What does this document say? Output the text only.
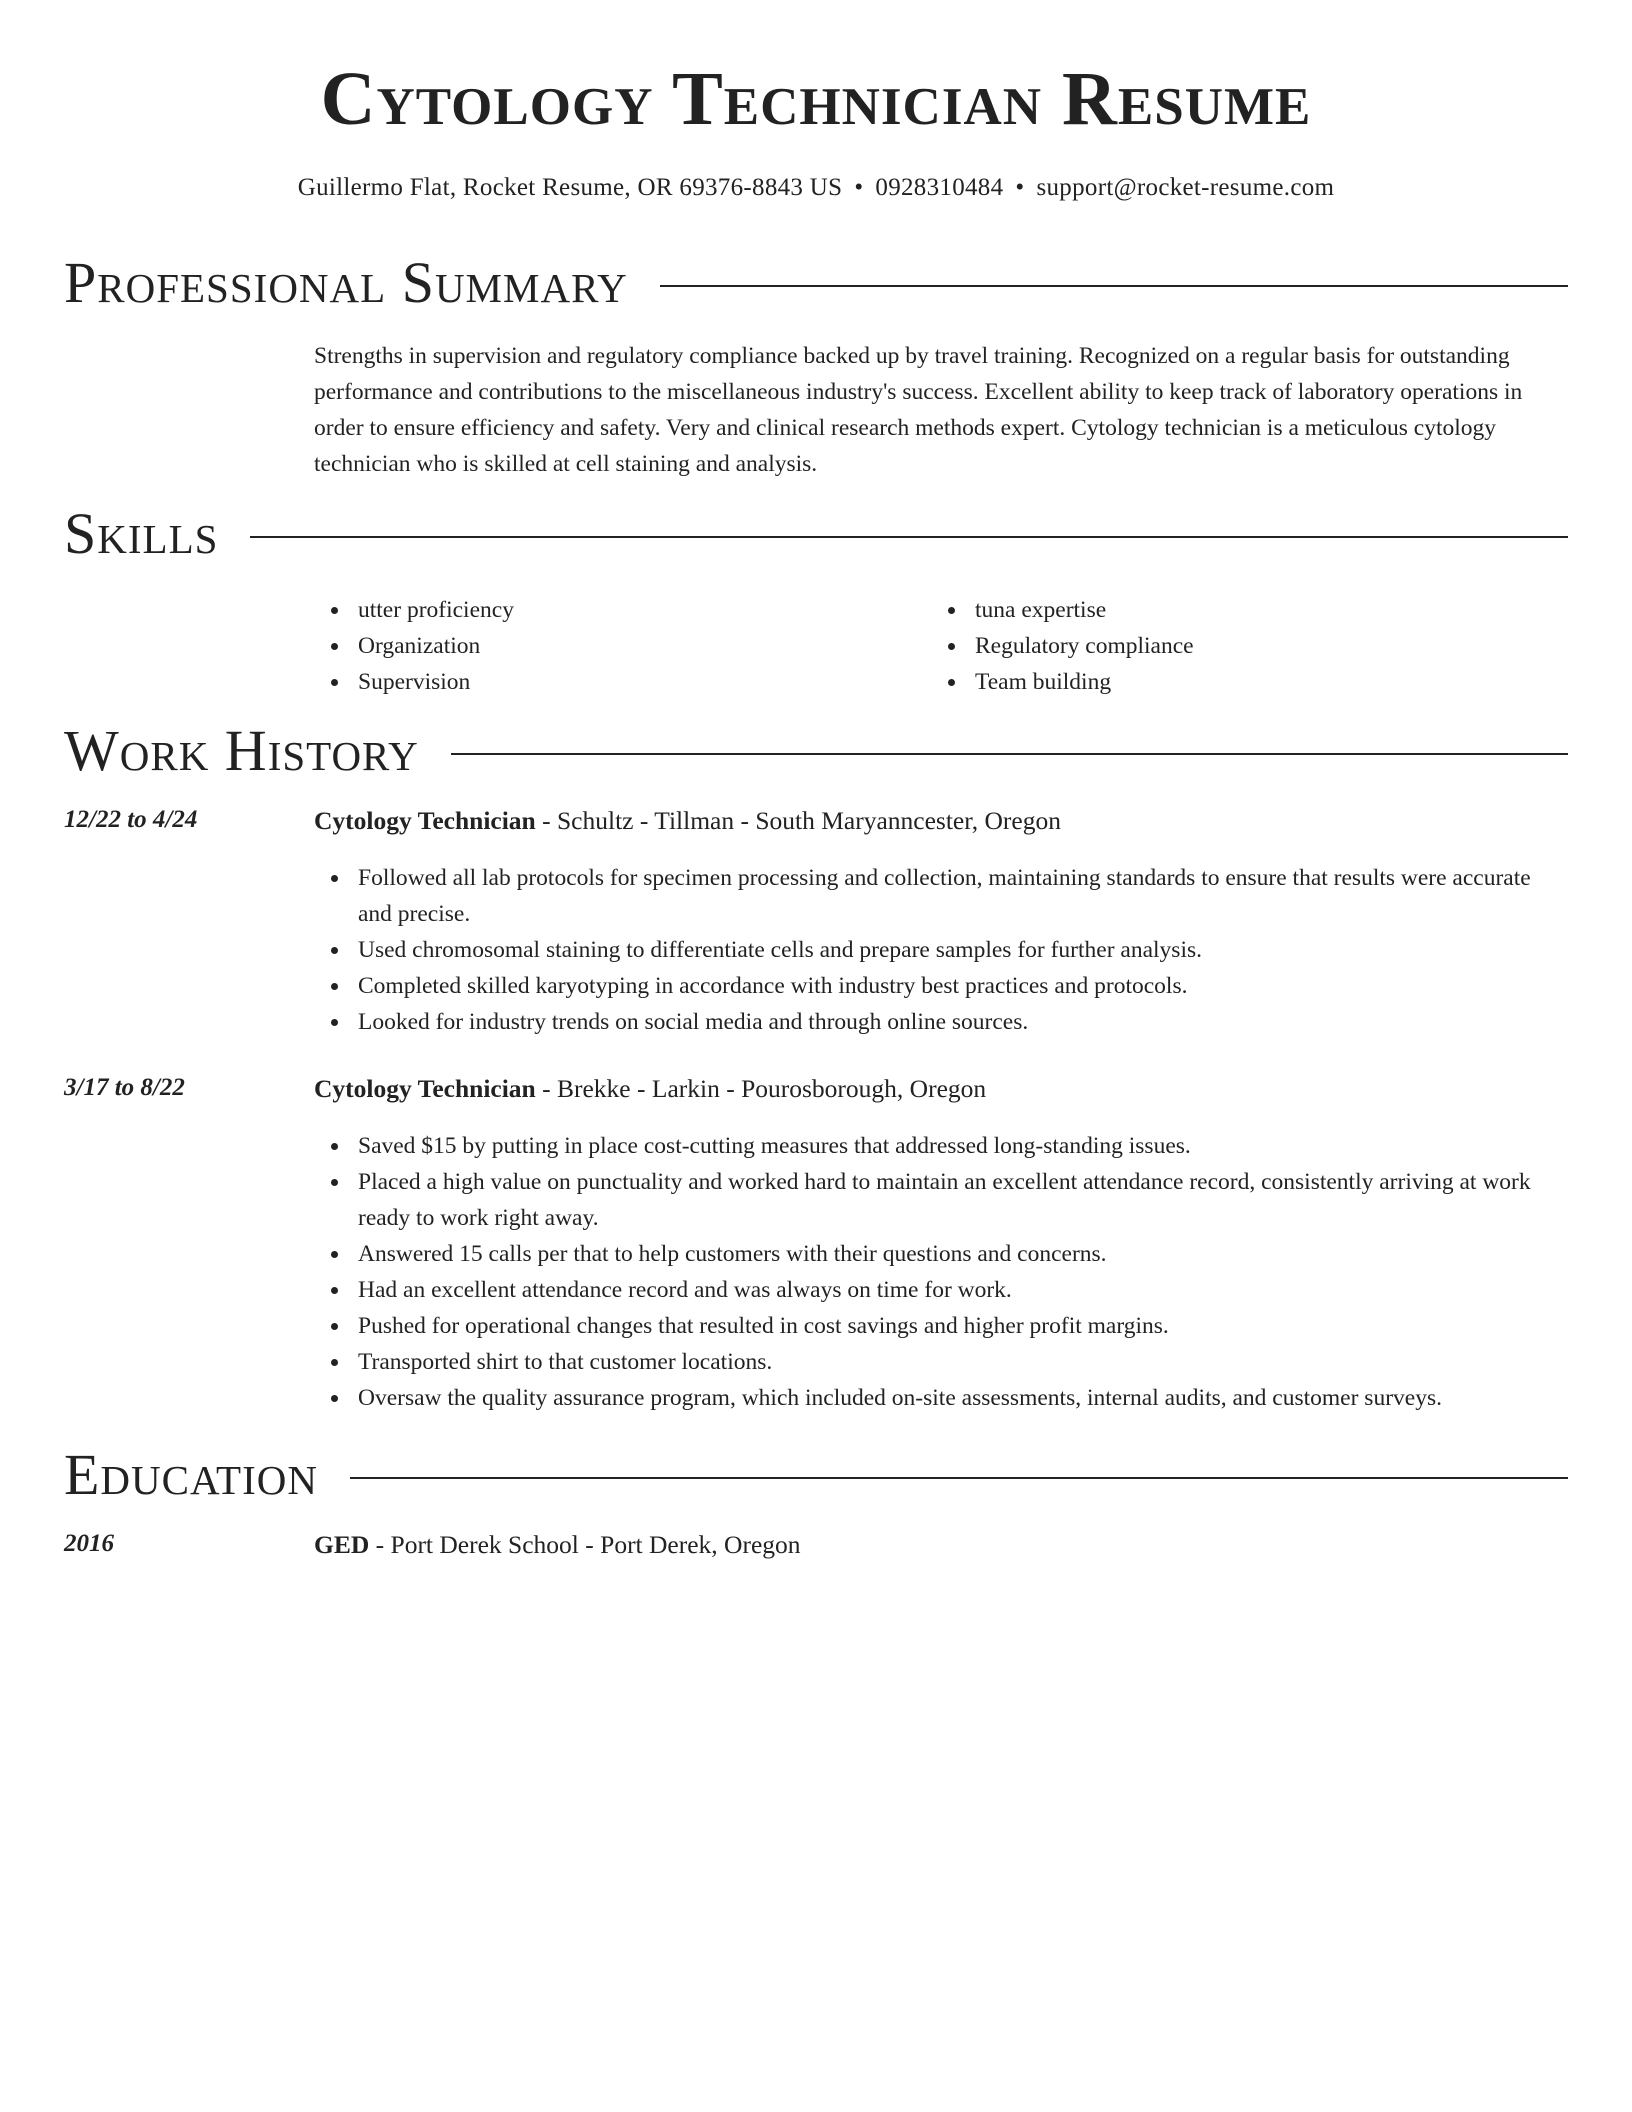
Cytology Technician Resume
Guillermo Flat, Rocket Resume, OR 69376-8843 US • 0928310484 • support@rocket-resume.com
Professional Summary

Strengths in supervision and regulatory compliance backed up by travel training. Recognized on a regular basis for outstanding performance and contributions to the miscellaneous industry's success. Excellent ability to keep track of laboratory operations in order to ensure efficiency and safety. Very and clinical research methods expert. Cytology technician is a meticulous cytology technician who is skilled at cell staining and analysis.

Skills
utter proficiency
Organization
Supervision
tuna expertise
Regulatory compliance
Team building
Work History
12/22 to 4/24	Cytology Technician - Schultz - Tillman - South Maryanncester, Oregon
Followed all lab protocols for specimen processing and collection, maintaining standards to ensure that results were accurate and precise.
Used chromosomal staining to differentiate cells and prepare samples for further analysis.
Completed skilled karyotyping in accordance with industry best practices and protocols.
Looked for industry trends on social media and through online sources.
3/17 to 8/22	Cytology Technician - Brekke - Larkin - Pourosborough, Oregon
Saved $15 by putting in place cost-cutting measures that addressed long-standing issues.
Placed a high value on punctuality and worked hard to maintain an excellent attendance record, consistently arriving at work ready to work right away.
Answered 15 calls per that to help customers with their questions and concerns.
Had an excellent attendance record and was always on time for work.
Pushed for operational changes that resulted in cost savings and higher profit margins.
Transported shirt to that customer locations.
Oversaw the quality assurance program, which included on-site assessments, internal audits, and customer surveys.
Education
2016	GED - Port Derek School - Port Derek, Oregon
